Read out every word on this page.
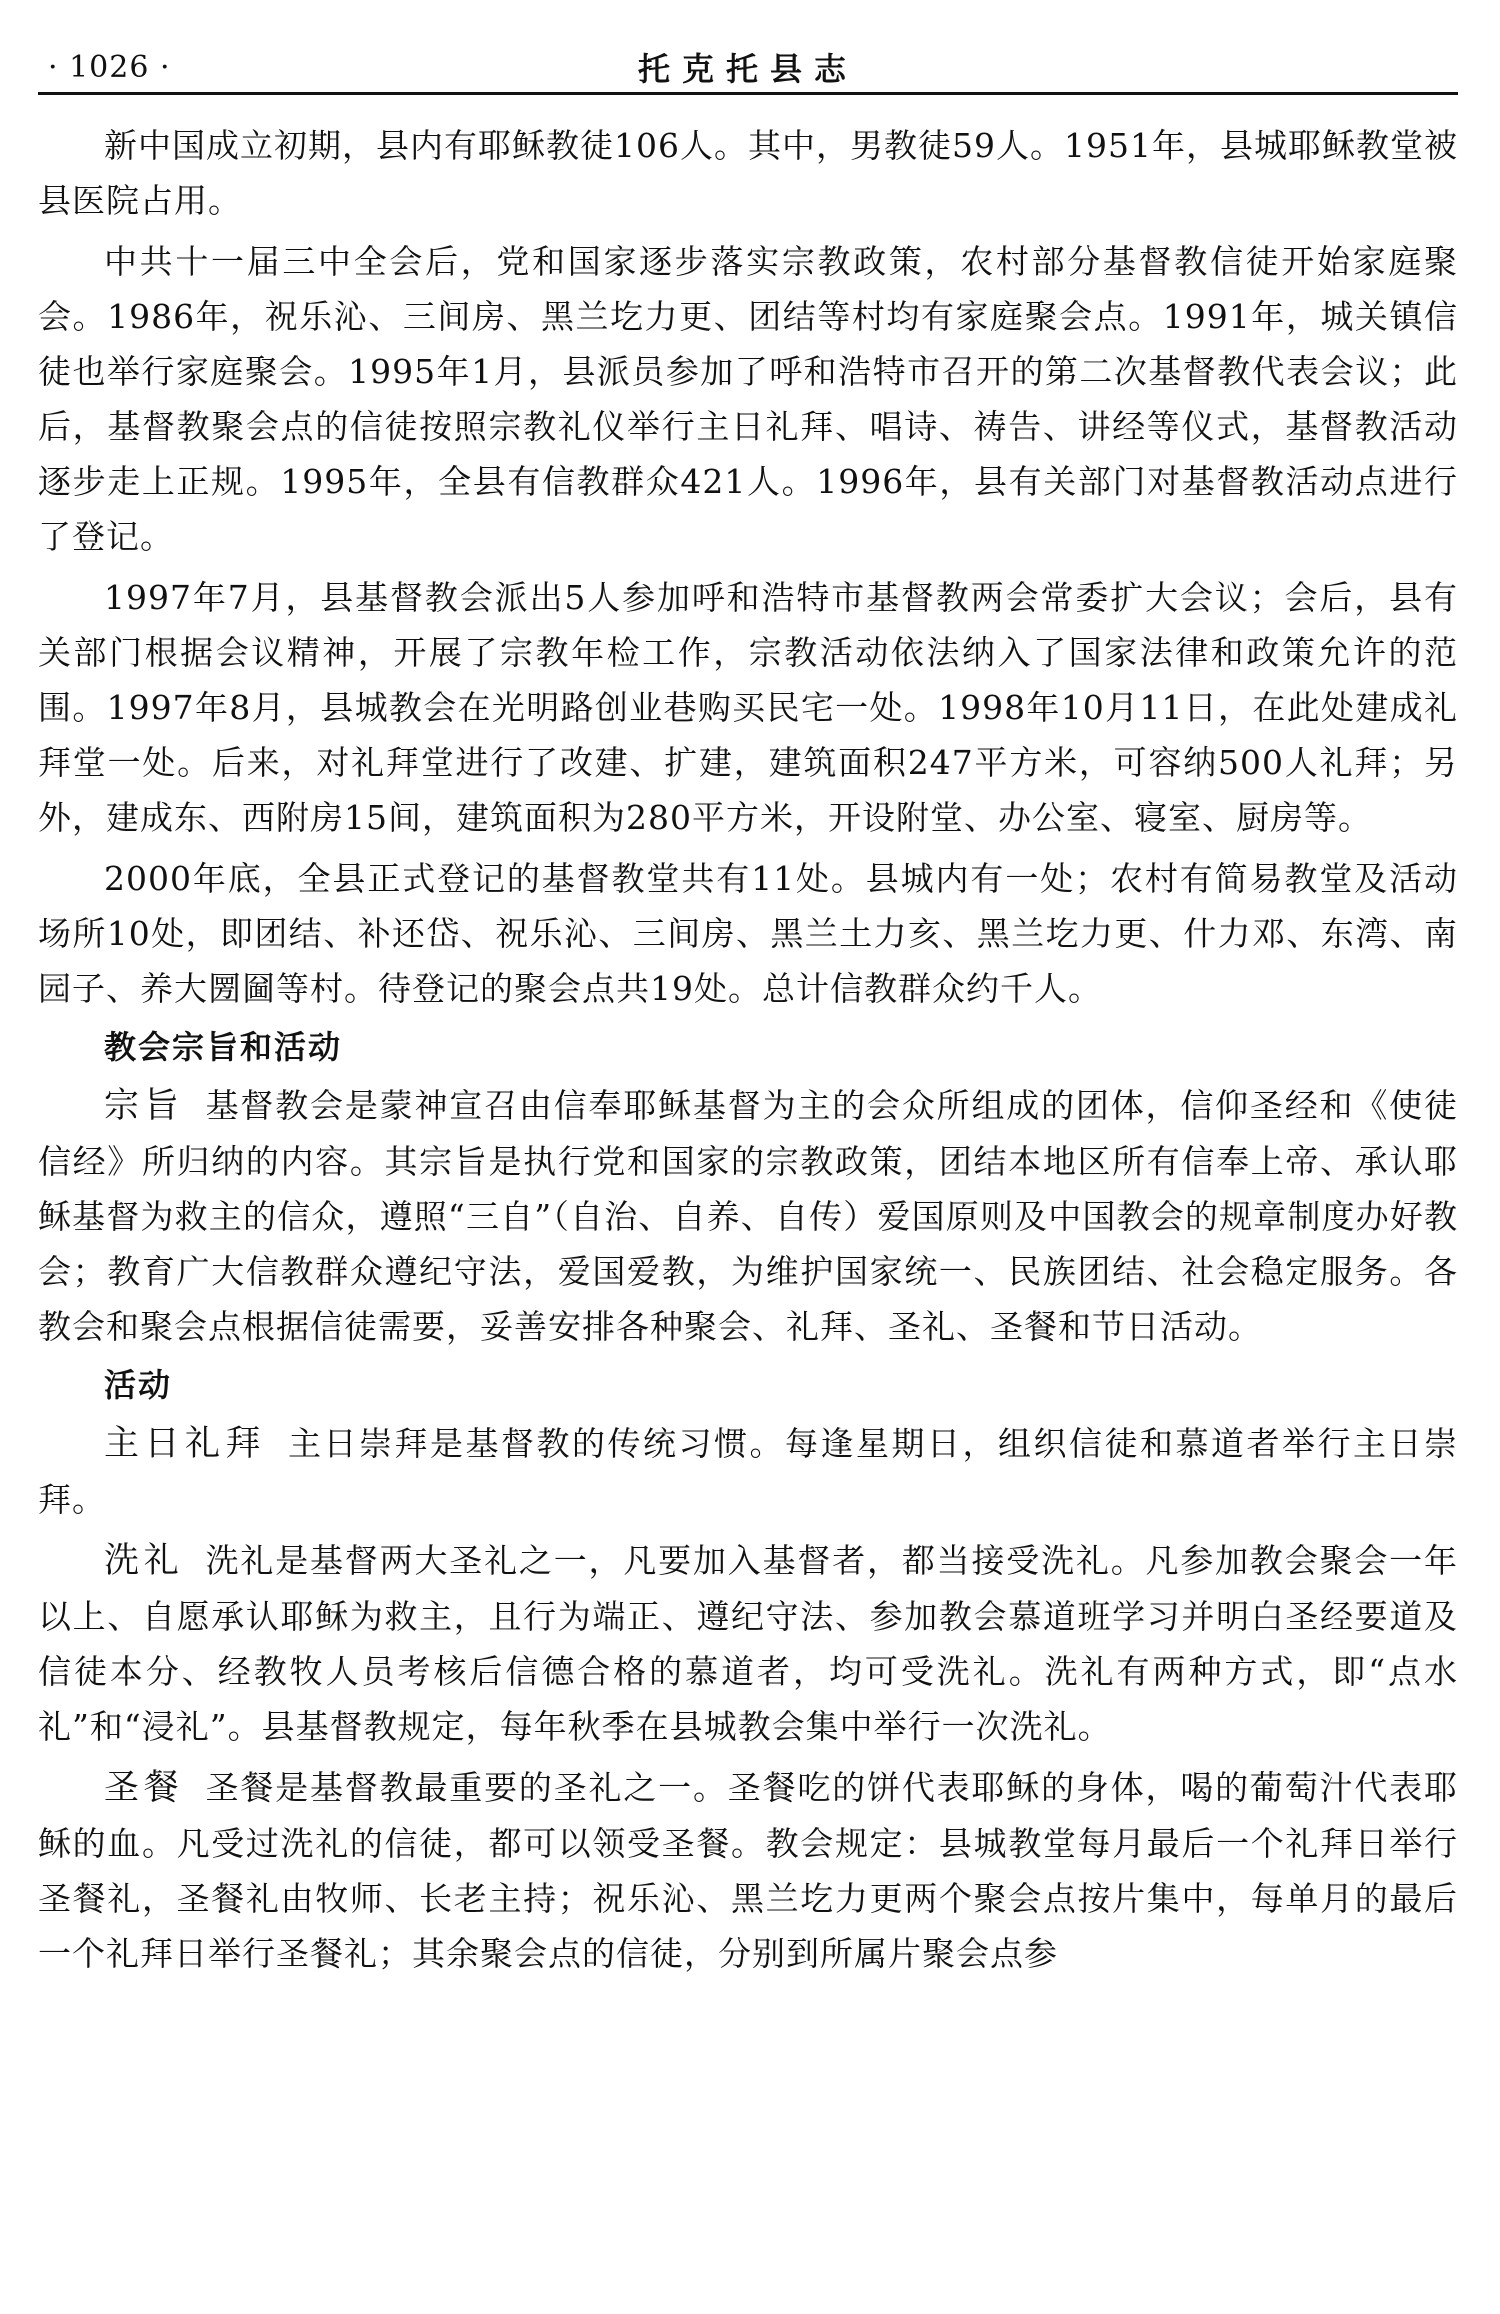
· 1026 ·	托克托县志

新中国成立初期，县内有耶稣教徒106人。其中，男教徒59人。1951年，县城耶稣教堂被县医院占用。

中共十一届三中全会后，党和国家逐步落实宗教政策，农村部分基督教信徒开始家庭聚会。1986年，祝乐沁、三间房、黑兰圪力更、团结等村均有家庭聚会点。1991年，城关镇信徒也举行家庭聚会。1995年1月，县派员参加了呼和浩特市召开的第二次基督教代表会议；此后，基督教聚会点的信徒按照宗教礼仪举行主日礼拜、唱诗、祷告、讲经等仪式，基督教活动逐步走上正规。1995年，全县有信教群众421人。1996年，县有关部门对基督教活动点进行了登记。

1997年7月，县基督教会派出5人参加呼和浩特市基督教两会常委扩大会议；会后，县有关部门根据会议精神，开展了宗教年检工作，宗教活动依法纳入了国家法律和政策允许的范围。1997年8月，县城教会在光明路创业巷购买民宅一处。1998年10月11日，在此处建成礼拜堂一处。后来，对礼拜堂进行了改建、扩建，建筑面积247平方米，可容纳500人礼拜；另外，建成东、西附房15间，建筑面积为280平方米，开设附堂、办公室、寝室、厨房等。

2000年底，全县正式登记的基督教堂共有11处。县城内有一处；农村有简易教堂及活动场所10处，即团结、补还岱、祝乐沁、三间房、黑兰土力亥、黑兰圪力更、什力邓、东湾、南园子、养大圐圙等村。待登记的聚会点共19处。总计信教群众约千人。

教会宗旨和活动

宗旨 基督教会是蒙神宣召由信奉耶稣基督为主的会众所组成的团体，信仰圣经和《使徒信经》所归纳的内容。其宗旨是执行党和国家的宗教政策，团结本地区所有信奉上帝、承认耶稣基督为救主的信众，遵照“三自”（自治、自养、自传）爱国原则及中国教会的规章制度办好教会；教育广大信教群众遵纪守法，爱国爱教，为维护国家统一、民族团结、社会稳定服务。各教会和聚会点根据信徒需要，妥善安排各种聚会、礼拜、圣礼、圣餐和节日活动。

活动

主日礼拜 主日崇拜是基督教的传统习惯。每逢星期日，组织信徒和慕道者举行主日崇拜。

洗礼 洗礼是基督两大圣礼之一，凡要加入基督者，都当接受洗礼。凡参加教会聚会一年以上、自愿承认耶稣为救主，且行为端正、遵纪守法、参加教会慕道班学习并明白圣经要道及信徒本分、经教牧人员考核后信德合格的慕道者，均可受洗礼。洗礼有两种方式，即“点水礼”和“浸礼”。县基督教规定，每年秋季在县城教会集中举行一次洗礼。

圣餐 圣餐是基督教最重要的圣礼之一。圣餐吃的饼代表耶稣的身体，喝的葡萄汁代表耶稣的血。凡受过洗礼的信徒，都可以领受圣餐。教会规定：县城教堂每月最后一个礼拜日举行圣餐礼，圣餐礼由牧师、长老主持；祝乐沁、黑兰圪力更两个聚会点按片集中，每单月的最后一个礼拜日举行圣餐礼；其余聚会点的信徒，分别到所属片聚会点参
